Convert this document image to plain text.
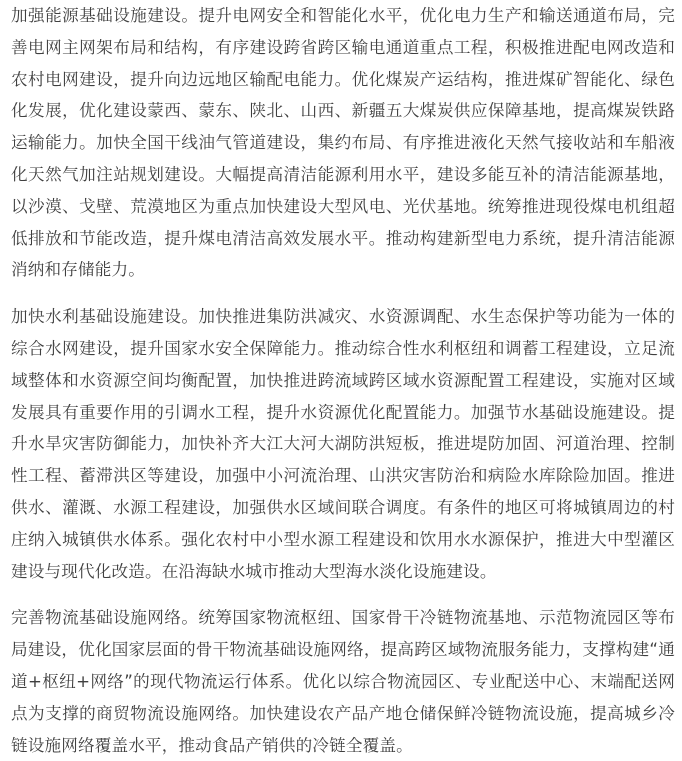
加强能源基础设施建设。提升电网安全和智能化水平，优化电力生产和输送通道布局，完善电网主网架布局和结构，有序建设跨省跨区输电通道重点工程，积极推进配电网改造和农村电网建设，提升向边远地区输配电能力。优化煤炭产运结构，推进煤矿智能化、绿色化发展，优化建设蒙西、蒙东、陕北、山西、新疆五大煤炭供应保障基地，提高煤炭铁路运输能力。加快全国干线油气管道建设，集约布局、有序推进液化天然气接收站和车船液化天然气加注站规划建设。大幅提高清洁能源利用水平，建设多能互补的清洁能源基地，以沙漠、戈壁、荒漠地区为重点加快建设大型风电、光伏基地。统筹推进现役煤电机组超低排放和节能改造，提升煤电清洁高效发展水平。推动构建新型电力系统，提升清洁能源消纳和存储能力。

加快水利基础设施建设。加快推进集防洪减灾、水资源调配、水生态保护等功能为一体的综合水网建设，提升国家水安全保障能力。推动综合性水利枢纽和调蓄工程建设，立足流域整体和水资源空间均衡配置，加快推进跨流域跨区域水资源配置工程建设，实施对区域发展具有重要作用的引调水工程，提升水资源优化配置能力。加强节水基础设施建设。提升水旱灾害防御能力，加快补齐大江大河大湖防洪短板，推进堤防加固、河道治理、控制性工程、蓄滞洪区等建设，加强中小河流治理、山洪灾害防治和病险水库除险加固。推进供水、灌溉、水源工程建设，加强供水区域间联合调度。有条件的地区可将城镇周边的村庄纳入城镇供水体系。强化农村中小型水源工程建设和饮用水水源保护，推进大中型灌区建设与现代化改造。在沿海缺水城市推动大型海水淡化设施建设。

完善物流基础设施网络。统筹国家物流枢纽、国家骨干冷链物流基地、示范物流园区等布局建设，优化国家层面的骨干物流基础设施网络，提高跨区域物流服务能力，支撑构建“通道+枢纽+网络”的现代物流运行体系。优化以综合物流园区、专业配送中心、末端配送网点为支撑的商贸物流设施网络。加快建设农产品产地仓储保鲜冷链物流设施，提高城乡冷链设施网络覆盖水平，推动食品产销供的冷链全覆盖。
